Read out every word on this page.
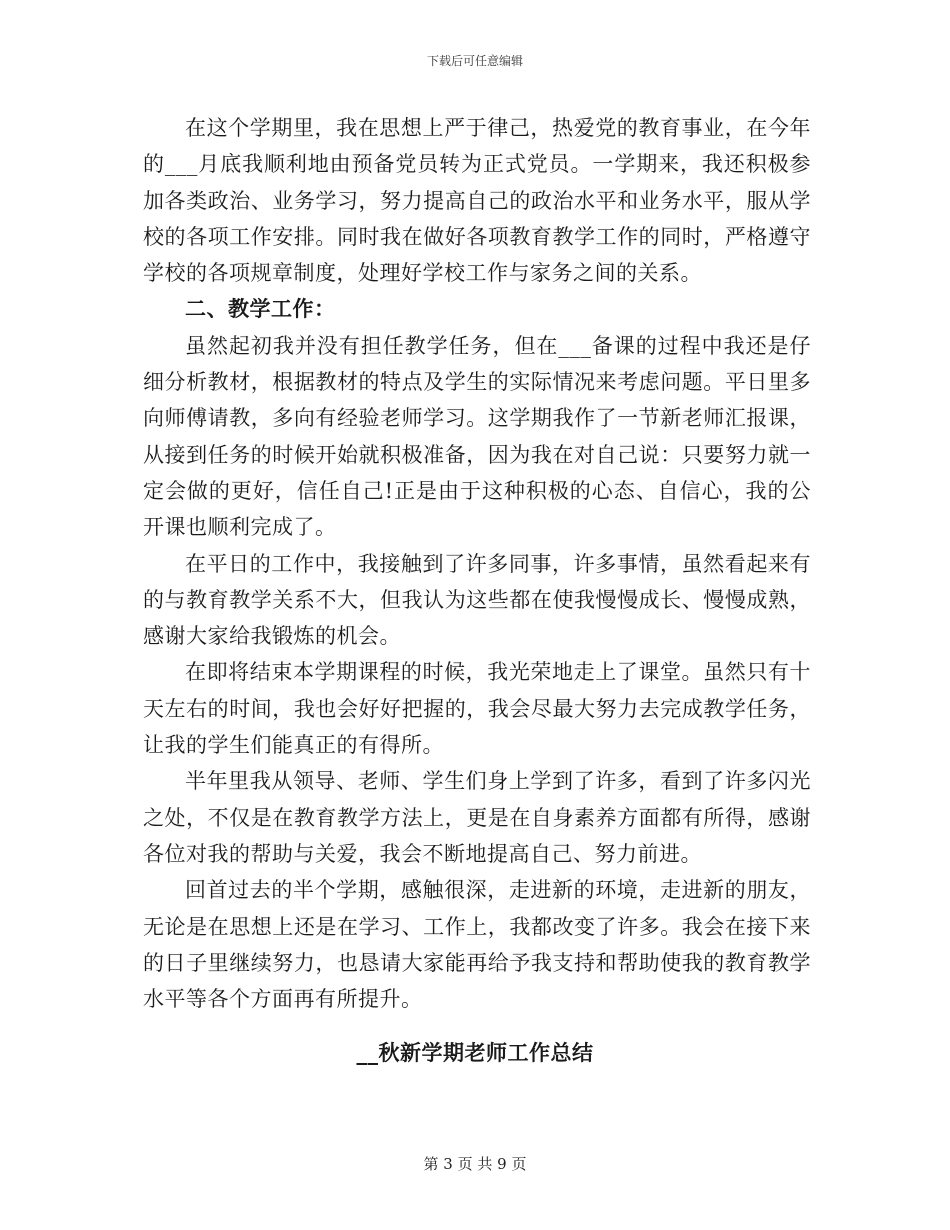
下载后可任意编辑

在这个学期里，我在思想上严于律己，热爱党的教育事业，在今年的___月底我顺利地由预备党员转为正式党员。一学期来，我还积极参加各类政治、业务学习，努力提高自己的政治水平和业务水平，服从学校的各项工作安排。同时我在做好各项教育教学工作的同时，严格遵守学校的各项规章制度，处理好学校工作与家务之间的关系。

二、教学工作：

虽然起初我并没有担任教学任务，但在___备课的过程中我还是仔细分析教材，根据教材的特点及学生的实际情况来考虑问题。平日里多向师傅请教，多向有经验老师学习。这学期我作了一节新老师汇报课，从接到任务的时候开始就积极准备，因为我在对自己说：只要努力就一定会做的更好，信任自己!正是由于这种积极的心态、自信心，我的公开课也顺利完成了。

在平日的工作中，我接触到了许多同事，许多事情，虽然看起来有的与教育教学关系不大，但我认为这些都在使我慢慢成长、慢慢成熟，感谢大家给我锻炼的机会。

在即将结束本学期课程的时候，我光荣地走上了课堂。虽然只有十天左右的时间，我也会好好把握的，我会尽最大努力去完成教学任务，让我的学生们能真正的有得所。

半年里我从领导、老师、学生们身上学到了许多，看到了许多闪光之处，不仅是在教育教学方法上，更是在自身素养方面都有所得，感谢各位对我的帮助与关爱，我会不断地提高自己、努力前进。

回首过去的半个学期，感触很深，走进新的环境，走进新的朋友，无论是在思想上还是在学习、工作上，我都改变了许多。我会在接下来的日子里继续努力，也恳请大家能再给予我支持和帮助使我的教育教学水平等各个方面再有所提升。

__秋新学期老师工作总结
第 3 页 共 9 页
